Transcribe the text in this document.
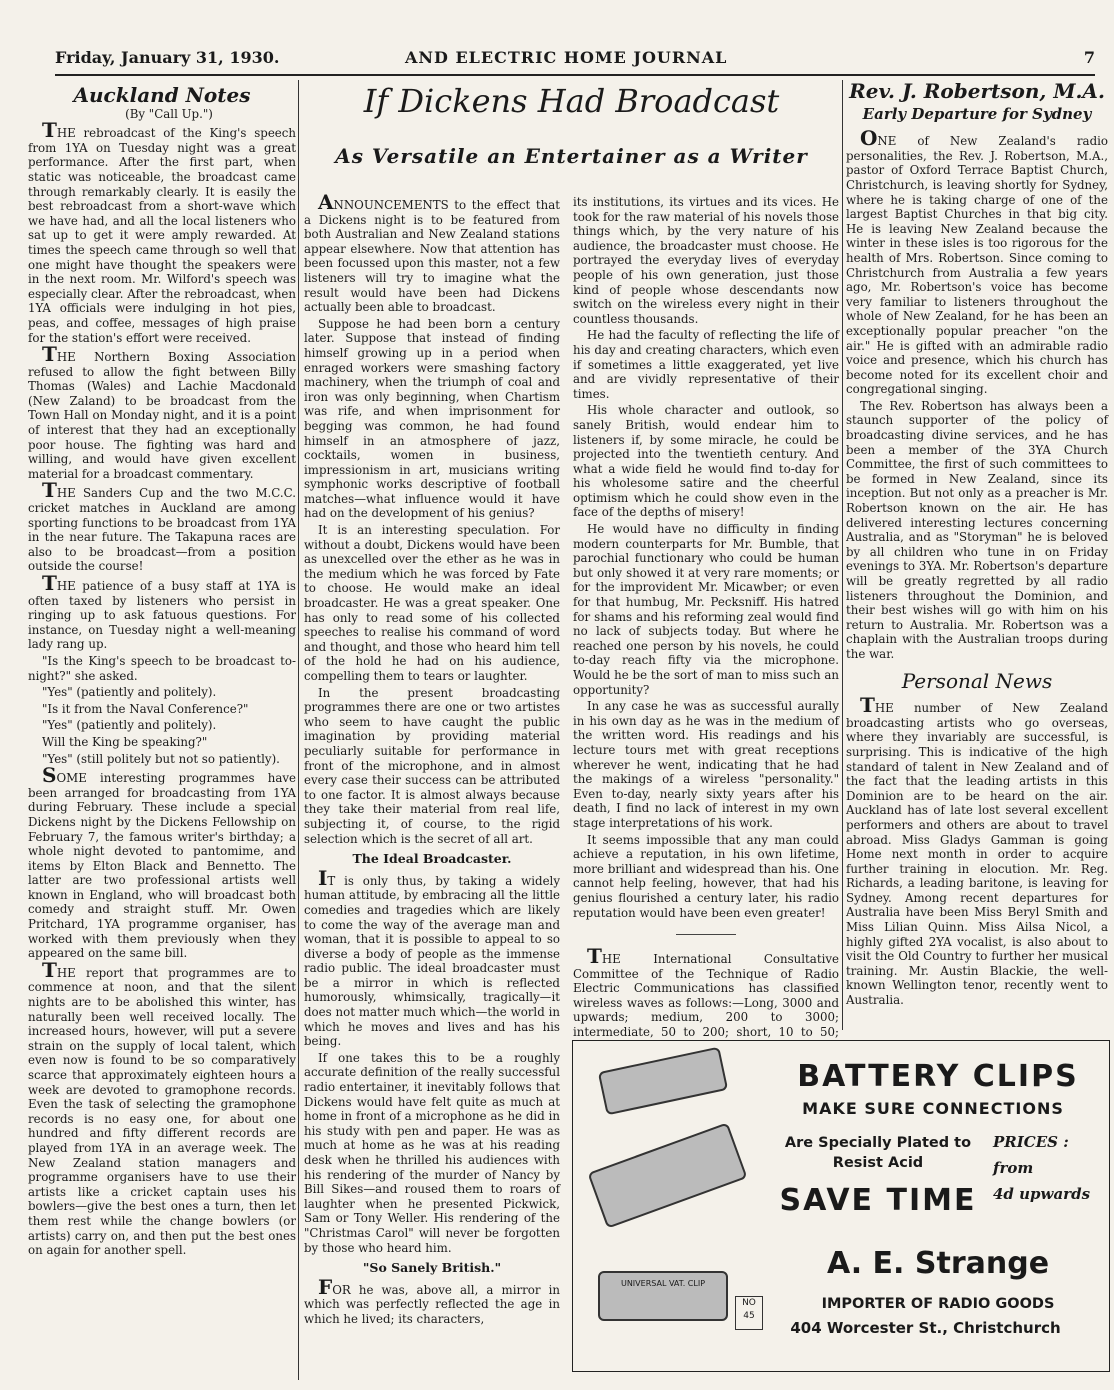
Friday, January 31, 1930.	AND ELECTRIC HOME JOURNAL	7
Auckland Notes

(By "Call Up.")

THE rebroadcast of the King's speech from 1YA on Tuesday night was a great performance. After the first part, when static was noticeable, the broadcast came through remarkably clearly. It is easily the best rebroadcast from a short-wave which we have had, and all the local listeners who sat up to get it were amply rewarded. At times the speech came through so well that one might have thought the speakers were in the next room. Mr. Wilford's speech was especially clear. After the rebroadcast, when 1YA officials were indulging in hot pies, peas, and coffee, messages of high praise for the station's effort were received.

THE Northern Boxing Association refused to allow the fight between Billy Thomas (Wales) and Lachie Macdonald (New Zaland) to be broadcast from the Town Hall on Monday night, and it is a point of interest that they had an exceptionally poor house. The fighting was hard and willing, and would have given excellent material for a broadcast commentary.

THE Sanders Cup and the two M.C.C. cricket matches in Auckland are among sporting functions to be broadcast from 1YA in the near future. The Takapuna races are also to be broadcast—from a position outside the course!

THE patience of a busy staff at 1YA is often taxed by listeners who persist in ringing up to ask fatuous questions. For instance, on Tuesday night a well-meaning lady rang up.

"Is the King's speech to be broadcast to-night?" she asked.

"Yes" (patiently and politely).

"Is it from the Naval Conference?"

"Yes" (patiently and politely).

Will the King be speaking?"

"Yes" (still politely but not so patiently).

SOME interesting programmes have been arranged for broadcasting from 1YA during February. These include a special Dickens night by the Dickens Fellowship on February 7, the famous writer's birthday; a whole night devoted to pantomime, and items by Elton Black and Bennetto. The latter are two professional artists well known in England, who will broadcast both comedy and straight stuff. Mr. Owen Pritchard, 1YA programme organiser, has worked with them previously when they appeared on the same bill.

THE report that programmes are to commence at noon, and that the silent nights are to be abolished this winter, has naturally been well received locally. The increased hours, however, will put a severe strain on the supply of local talent, which even now is found to be so comparatively scarce that approximately eighteen hours a week are devoted to gramophone records. Even the task of selecting the gramophone records is no easy one, for about one hundred and fifty different records are played from 1YA in an average week. The New Zealand station managers and programme organisers have to use their artists like a cricket captain uses his bowlers—give the best ones a turn, then let them rest while the change bowlers (or artists) carry on, and then put the best ones on again for another spell.

If Dickens Had Broadcast
As Versatile an Entertainer as a Writer

ANNOUNCEMENTS to the effect that a Dickens night is to be featured from both Australian and New Zealand stations appear elsewhere. Now that attention has been focussed upon this master, not a few listeners will try to imagine what the result would have been had Dickens actually been able to broadcast.

Suppose he had been born a century later. Suppose that instead of finding himself growing up in a period when enraged workers were smashing factory machinery, when the triumph of coal and iron was only beginning, when Chartism was rife, and when imprisonment for begging was common, he had found himself in an atmosphere of jazz, cocktails, women in business, impressionism in art, musicians writing symphonic works descriptive of football matches—what influence would it have had on the development of his genius?

It is an interesting speculation. For without a doubt, Dickens would have been as unexcelled over the ether as he was in the medium which he was forced by Fate to choose. He would make an ideal broadcaster. He was a great speaker. One has only to read some of his collected speeches to realise his command of word and thought, and those who heard him tell of the hold he had on his audience, compelling them to tears or laughter.

In the present broadcasting programmes there are one or two artistes who seem to have caught the public imagination by providing material peculiarly suitable for performance in front of the microphone, and in almost every case their success can be attributed to one factor. It is almost always because they take their material from real life, subjecting it, of course, to the rigid selection which is the secret of all art.

The Ideal Broadcaster.

IT is only thus, by taking a widely human attitude, by embracing all the little comedies and tragedies which are likely to come the way of the average man and woman, that it is possible to appeal to so diverse a body of people as the immense radio public. The ideal broadcaster must be a mirror in which is reflected humorously, whimsically, tragically—it does not matter much which—the world in which he moves and lives and has his being.

If one takes this to be a roughly accurate definition of the really successful radio entertainer, it inevitably follows that Dickens would have felt quite as much at home in front of a microphone as he did in his study with pen and paper. He was as much at home as he was at his reading desk when he thrilled his audiences with his rendering of the murder of Nancy by Bill Sikes—and roused them to roars of laughter when he presented Pickwick, Sam or Tony Weller. His rendering of the "Christmas Carol" will never be forgotten by those who heard him.

"So Sanely British."

FOR he was, above all, a mirror in which was perfectly reflected the age in which he lived; its characters,

its institutions, its virtues and its vices. He took for the raw material of his novels those things which, by the very nature of his audience, the broadcaster must choose. He portrayed the everyday lives of everyday people of his own generation, just those kind of people whose descendants now switch on the wireless every night in their countless thousands.

He had the faculty of reflecting the life of his day and creating characters, which even if sometimes a little exaggerated, yet live and are vividly representative of their times.

His whole character and outlook, so sanely British, would endear him to listeners if, by some miracle, he could be projected into the twentieth century. And what a wide field he would find to-day for his wholesome satire and the cheerful optimism which he could show even in the face of the depths of misery!

He would have no difficulty in finding modern counterparts for Mr. Bumble, that parochial functionary who could be human but only showed it at very rare moments; or for the improvident Mr. Micawber; or even for that humbug, Mr. Pecksniff. His hatred for shams and his reforming zeal would find no lack of subjects today. But where he reached one person by his novels, he could to-day reach fifty via the microphone. Would he be the sort of man to miss such an opportunity?

In any case he was as successful aurally in his own day as he was in the medium of the written word. His readings and his lecture tours met with great receptions wherever he went, indicating that he had the makings of a wireless "personality." Even to-day, nearly sixty years after his death, I find no lack of interest in my own stage interpretations of his work.

It seems impossible that any man could achieve a reputation, in his own lifetime, more brilliant and widespread than his. One cannot help feeling, however, that had his genius flourished a century later, his radio reputation would have been even greater!

THE International Consultative Committee of the Technique of Radio Electric Communications has classified wireless waves as follows:—Long, 3000 and upwards; medium, 200 to 3000; intermediate, 50 to 200; short, 10 to 50;

Rev. J. Robertson, M.A.
Early Departure for Sydney

ONE of New Zealand's radio personalities, the Rev. J. Robertson, M.A., pastor of Oxford Terrace Baptist Church, Christchurch, is leaving shortly for Sydney, where he is taking charge of one of the largest Baptist Churches in that big city. He is leaving New Zealand because the winter in these isles is too rigorous for the health of Mrs. Robertson. Since coming to Christchurch from Australia a few years ago, Mr. Robertson's voice has become very familiar to listeners throughout the whole of New Zealand, for he has been an exceptionally popular preacher "on the air." He is gifted with an admirable radio voice and presence, which his church has become noted for its excellent choir and congregational singing.

The Rev. Robertson has always been a staunch supporter of the policy of broadcasting divine services, and he has been a member of the 3YA Church Committee, the first of such committees to be formed in New Zealand, since its inception. But not only as a preacher is Mr. Robertson known on the air. He has delivered interesting lectures concerning Australia, and as "Storyman" he is beloved by all children who tune in on Friday evenings to 3YA. Mr. Robertson's departure will be greatly regretted by all radio listeners throughout the Dominion, and their best wishes will go with him on his return to Australia. Mr. Robertson was a chaplain with the Australian troops during the war.

Personal News

THE number of New Zealand broadcasting artists who go overseas, where they invariably are successful, is surprising. This is indicative of the high standard of talent in New Zealand and of the fact that the leading artists in this Dominion are to be heard on the air. Auckland has of late lost several excellent performers and others are about to travel abroad. Miss Gladys Gamman is going Home next month in order to acquire further training in elocution. Mr. Reg. Richards, a leading baritone, is leaving for Sydney. Among recent departures for Australia have been Miss Beryl Smith and Miss Lilian Quinn. Miss Ailsa Nicol, a highly gifted 2YA vocalist, is also about to visit the Old Country to further her musical training. Mr. Austin Blackie, the well-known Wellington tenor, recently went to Australia.

UNIVERSAL VAT. CLIP
NO 45
BATTERY CLIPS
MAKE SURE CONNECTIONS
Are Specially Plated to Resist Acid
PRICES :
from
4d upwards
SAVE TIME
A. E. Strange
IMPORTER OF RADIO GOODS
404 Worcester St., Christchurch
